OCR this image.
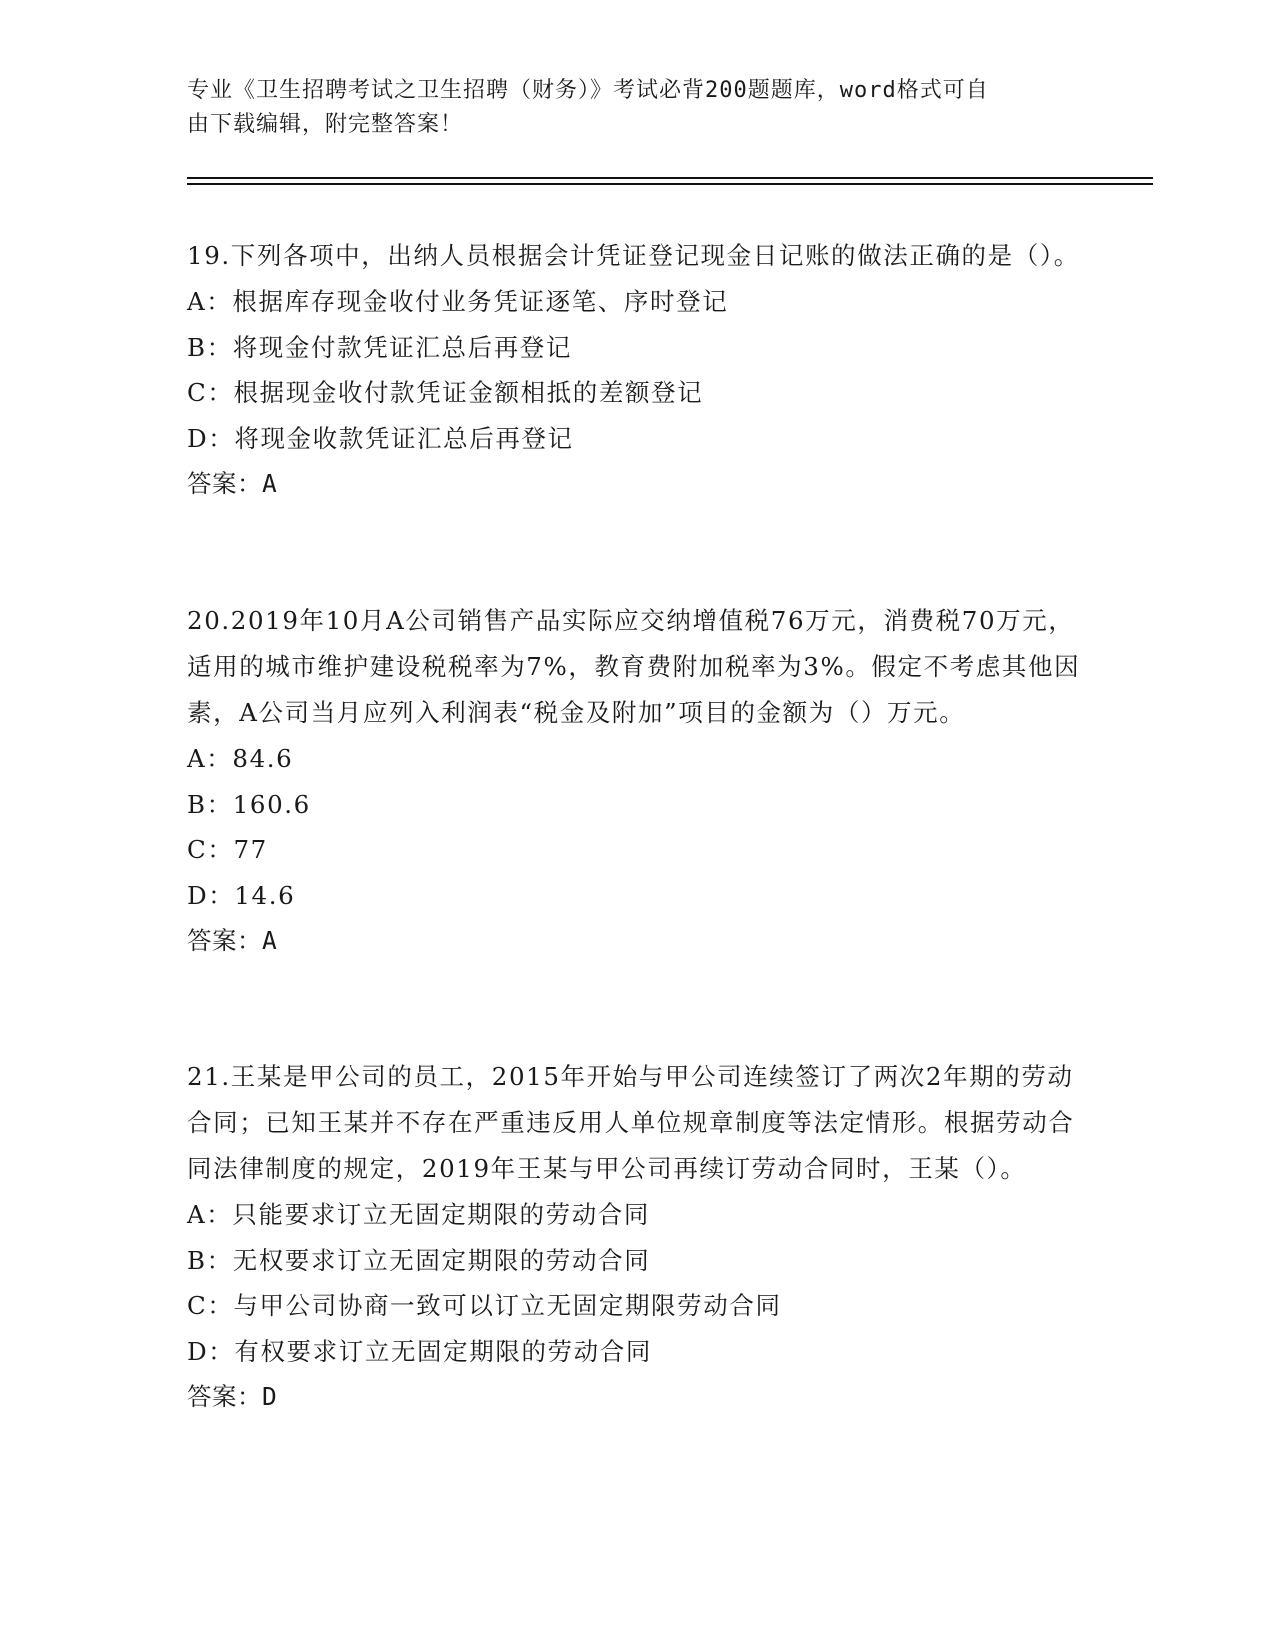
专业《卫生招聘考试之卫生招聘（财务）》考试必背200题题库，word格式可自
由下载编辑，附完整答案！
19.下列各项中，出纳人员根据会计凭证登记现金日记账的做法正确的是（）。
A：根据库存现金收付业务凭证逐笔、序时登记
B：将现金付款凭证汇总后再登记
C：根据现金收付款凭证金额相抵的差额登记
D：将现金收款凭证汇总后再登记
答案：A
20.2019年10月A公司销售产品实际应交纳增值税76万元，消费税70万元，适用的城市维护建设税税率为7%，教育费附加税率为3%。假定不考虑其他因素，A公司当月应列入利润表“税金及附加”项目的金额为（）万元。
A：84.6
B：160.6
C：77
D：14.6
答案：A
21.王某是甲公司的员工，2015年开始与甲公司连续签订了两次2年期的劳动合同；已知王某并不存在严重违反用人单位规章制度等法定情形。根据劳动合同法律制度的规定，2019年王某与甲公司再续订劳动合同时，王某（）。
A：只能要求订立无固定期限的劳动合同
B：无权要求订立无固定期限的劳动合同
C：与甲公司协商一致可以订立无固定期限劳动合同
D：有权要求订立无固定期限的劳动合同
答案：D
